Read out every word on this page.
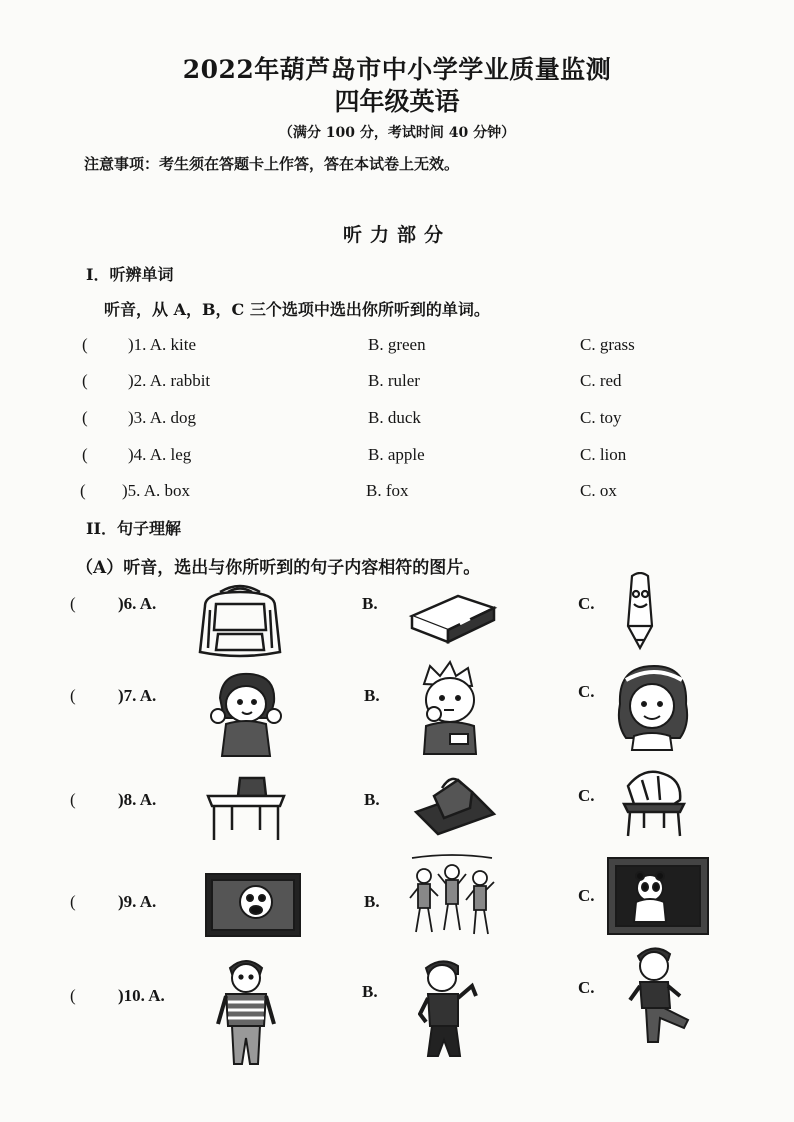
2022年葫芦岛市中小学学业质量监测
四年级英语
（满分 100 分，考试时间 40 分钟）
注意事项：考生须在答题卡上作答，答在本试卷上无效。
听力部分
I．听辨单词
听音，从 A，B，C 三个选项中选出你所听到的单词。
( )1. A. kite	B. green	C. grass
( )2. A. rabbit	B. ruler	C. red
( )3. A. dog	B. duck	C. toy
( )4. A. leg	B. apple	C. lion
( )5. A. box	B. fox	C. ox
II．句子理解
（A）听音，选出与你所听到的句子内容相符的图片。
( )6. A.	B.	C.
( )7. A.	B.	C.
( )8. A.	B.	C.
( )9. A.	B.	C.
( )10. A.	B.	C.
